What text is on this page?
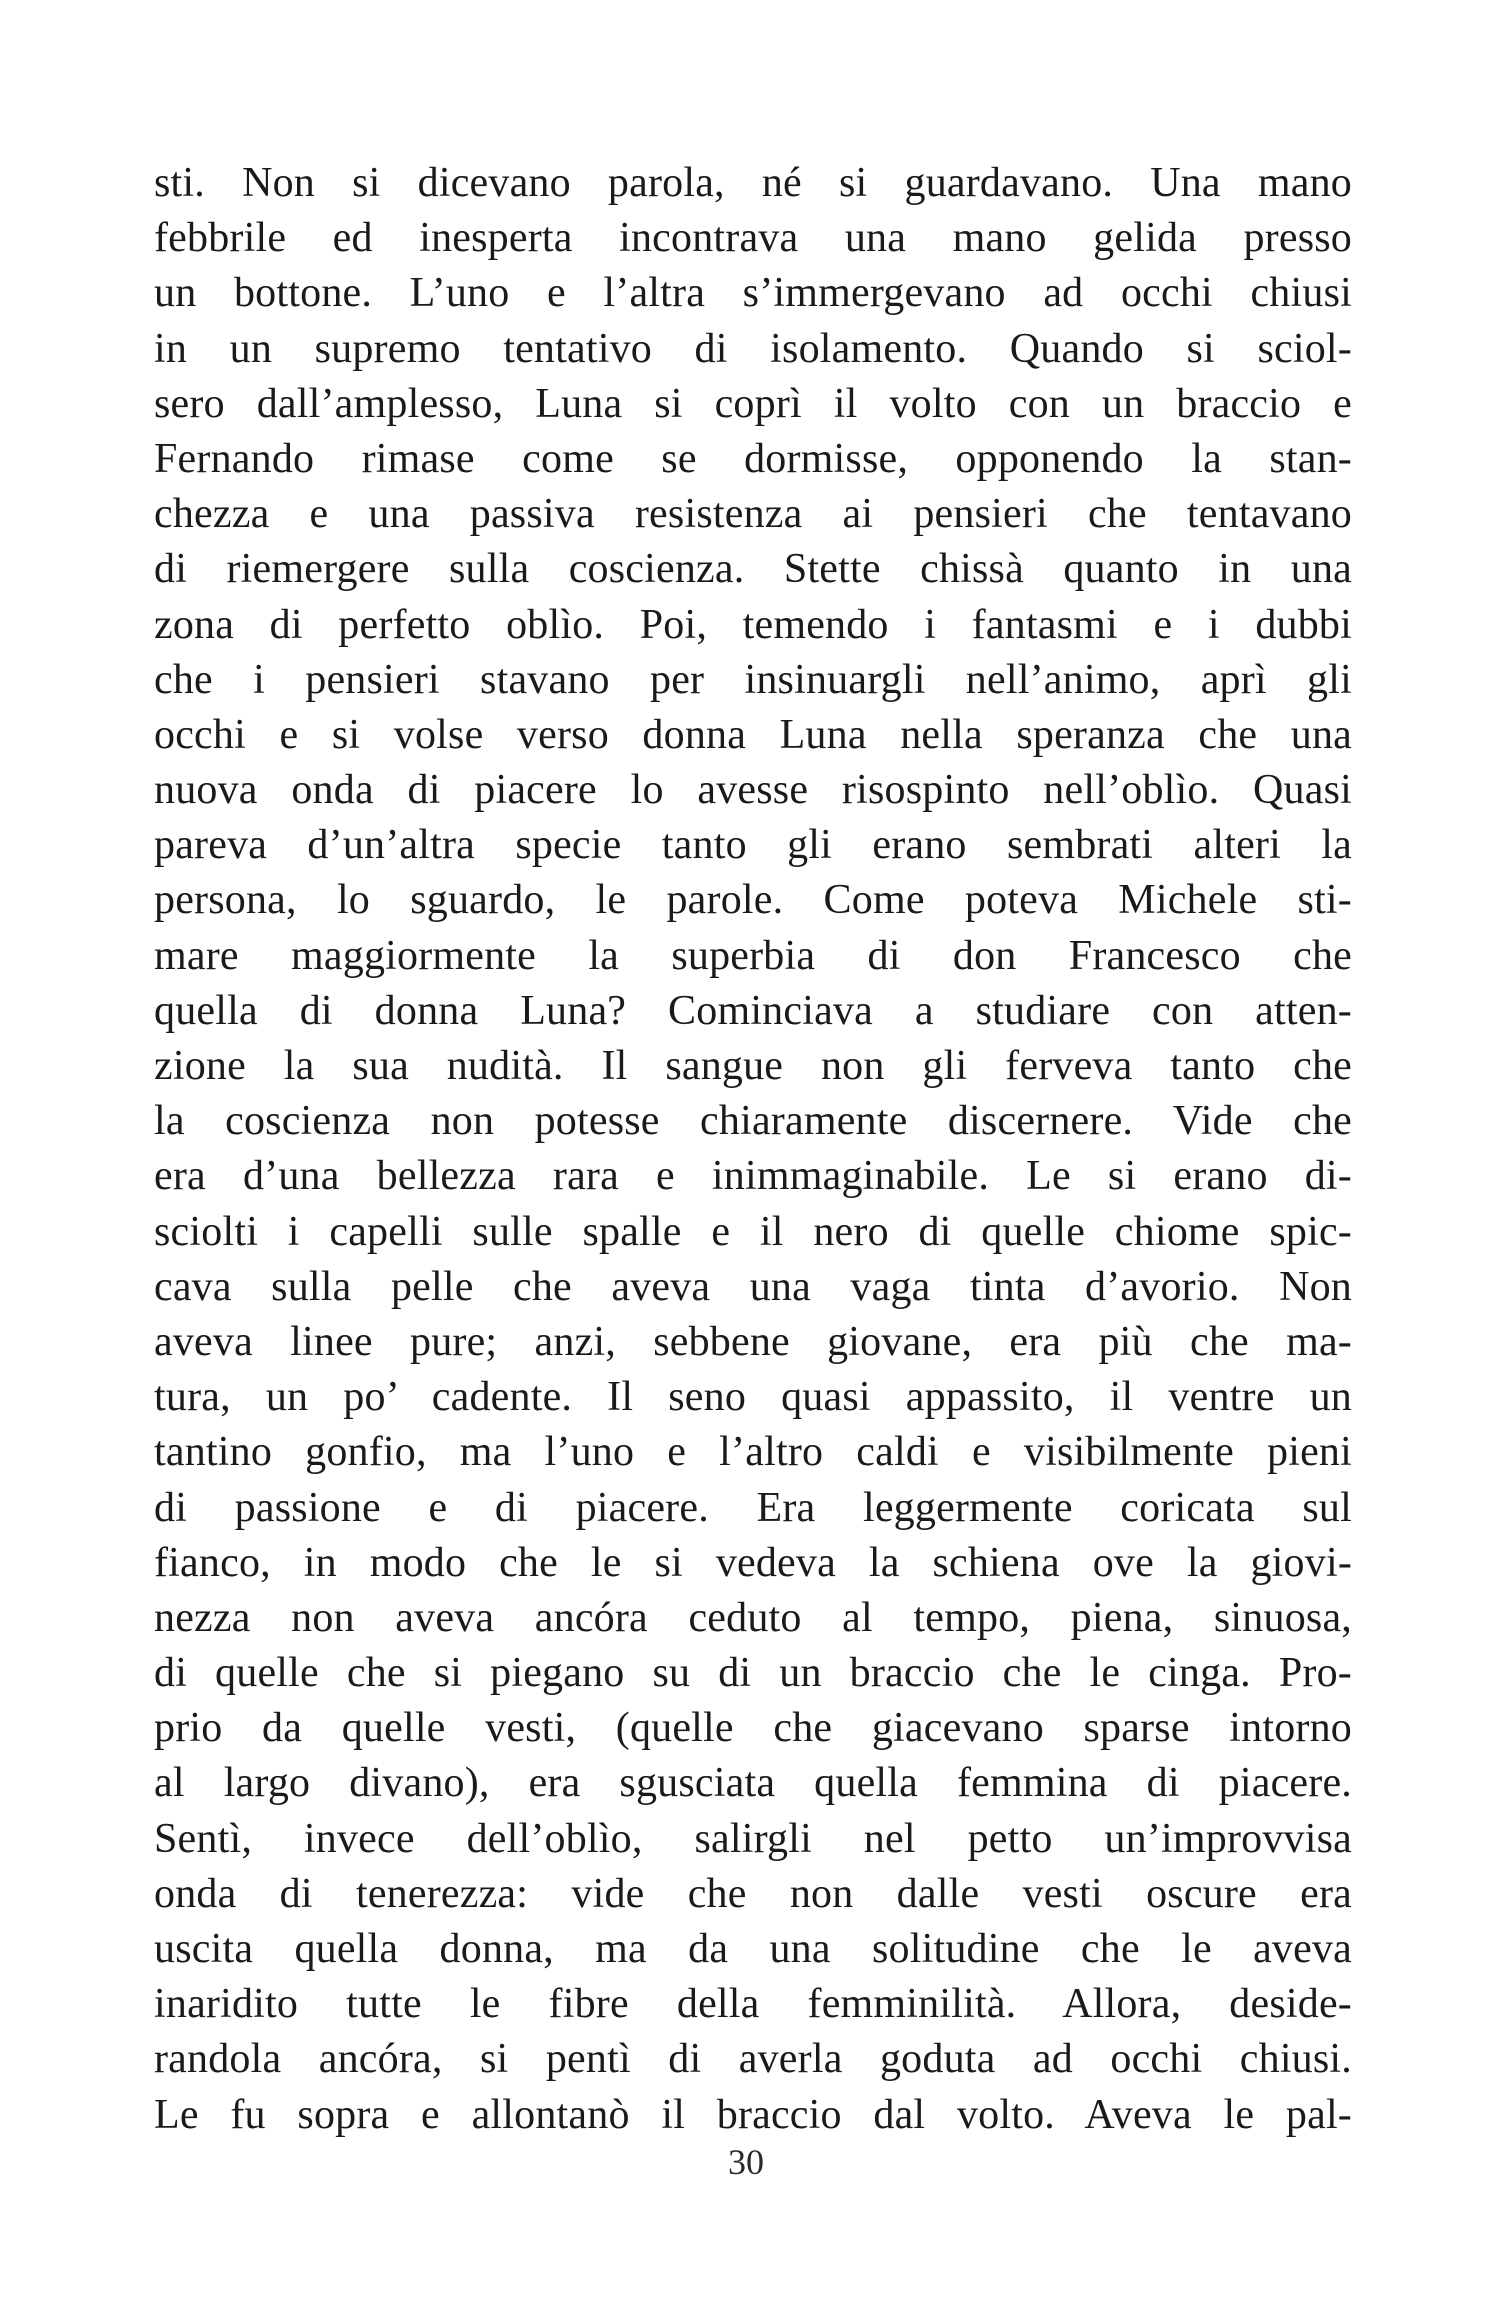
sti. Non si dicevano parola, né si guardavano. Una mano
febbrile ed inesperta incontrava una mano gelida presso
un bottone. L’uno e l’altra s’immergevano ad occhi chiusi
in un supremo tentativo di isolamento. Quando si sciol-
sero dall’amplesso, Luna si coprì il volto con un braccio e
Fernando rimase come se dormisse, opponendo la stan-
chezza e una passiva resistenza ai pensieri che tentavano
di riemergere sulla coscienza. Stette chissà quanto in una
zona di perfetto oblìo. Poi, temendo i fantasmi e i dubbi
che i pensieri stavano per insinuargli nell’animo, aprì gli
occhi e si volse verso donna Luna nella speranza che una
nuova onda di piacere lo avesse risospinto nell’oblìo. Quasi
pareva d’un’altra specie tanto gli erano sembrati alteri la
persona, lo sguardo, le parole. Come poteva Michele sti-
mare maggiormente la superbia di don Francesco che
quella di donna Luna? Cominciava a studiare con atten-
zione la sua nudità. Il sangue non gli ferveva tanto che
la coscienza non potesse chiaramente discernere. Vide che
era d’una bellezza rara e inimmaginabile. Le si erano di-
sciolti i capelli sulle spalle e il nero di quelle chiome spic-
cava sulla pelle che aveva una vaga tinta d’avorio. Non
aveva linee pure; anzi, sebbene giovane, era più che ma-
tura, un po’ cadente. Il seno quasi appassito, il ventre un
tantino gonfio, ma l’uno e l’altro caldi e visibilmente pieni
di passione e di piacere. Era leggermente coricata sul
fianco, in modo che le si vedeva la schiena ove la giovi-
nezza non aveva ancóra ceduto al tempo, piena, sinuosa,
di quelle che si piegano su di un braccio che le cinga. Pro-
prio da quelle vesti, (quelle che giacevano sparse intorno
al largo divano), era sgusciata quella femmina di piacere.
Sentì, invece dell’oblìo, salirgli nel petto un’improvvisa
onda di tenerezza: vide che non dalle vesti oscure era
uscita quella donna, ma da una solitudine che le aveva
inaridito tutte le fibre della femminilità. Allora, deside-
randola ancóra, si pentì di averla goduta ad occhi chiusi.
Le fu sopra e allontanò il braccio dal volto. Aveva le pal-
30
